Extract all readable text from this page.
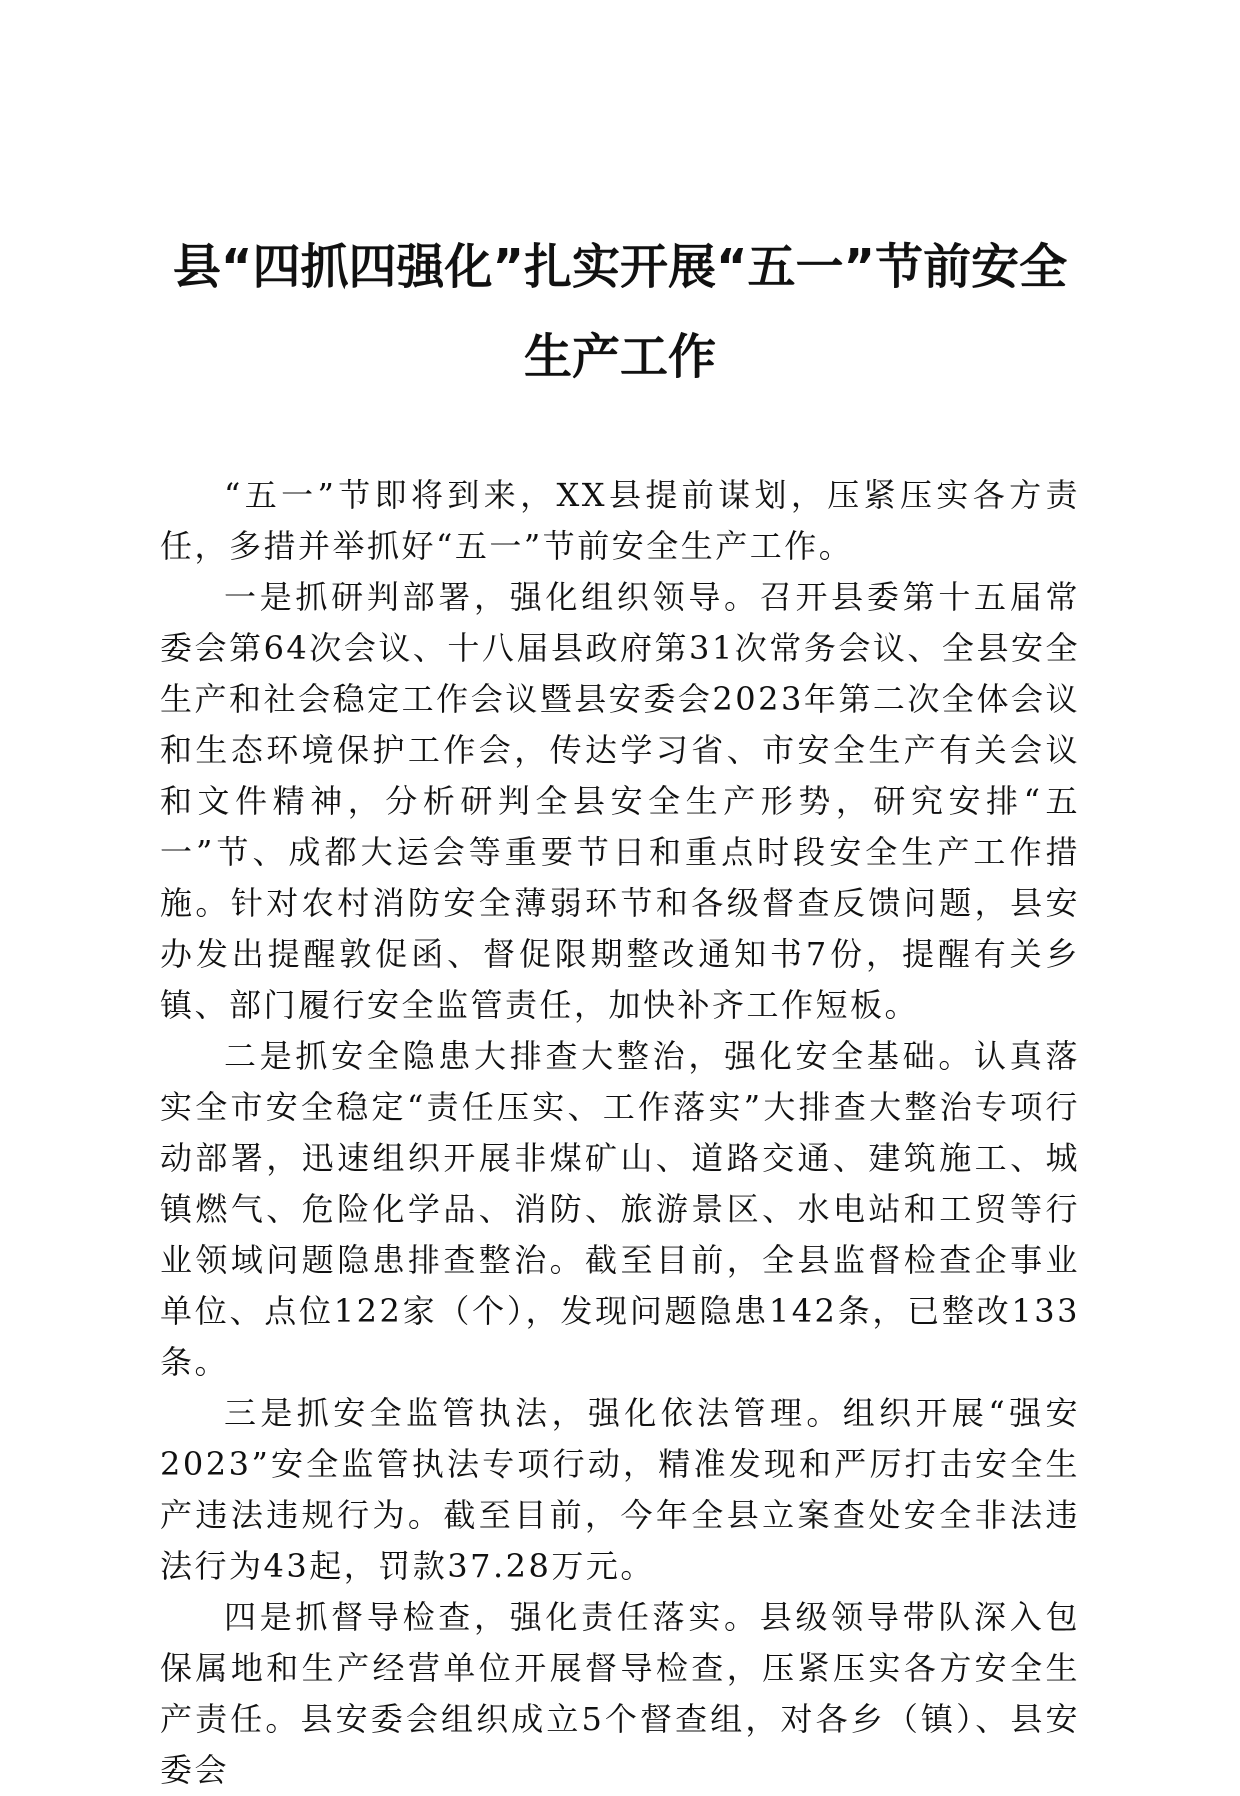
县“四抓四强化”扎实开展“五一”节前安全
生产工作

“五一”节即将到来，XX县提前谋划，压紧压实各方责任，多措并举抓好“五一”节前安全生产工作。

一是抓研判部署，强化组织领导。召开县委第十五届常委会第64次会议、十八届县政府第31次常务会议、全县安全生产和社会稳定工作会议暨县安委会2023年第二次全体会议和生态环境保护工作会，传达学习省、市安全生产有关会议和文件精神，分析研判全县安全生产形势，研究安排“五一”节、成都大运会等重要节日和重点时段安全生产工作措施。针对农村消防安全薄弱环节和各级督查反馈问题，县安办发出提醒敦促函、督促限期整改通知书7份，提醒有关乡镇、部门履行安全监管责任，加快补齐工作短板。

二是抓安全隐患大排查大整治，强化安全基础。认真落实全市安全稳定“责任压实、工作落实”大排查大整治专项行动部署，迅速组织开展非煤矿山、道路交通、建筑施工、城镇燃气、危险化学品、消防、旅游景区、水电站和工贸等行业领域问题隐患排查整治。截至目前，全县监督检查企事业单位、点位122家（个），发现问题隐患142条，已整改133条。

三是抓安全监管执法，强化依法管理。组织开展“强安2023”安全监管执法专项行动，精准发现和严厉打击安全生产违法违规行为。截至目前，今年全县立案查处安全非法违法行为43起，罚款37.28万元。

四是抓督导检查，强化责任落实。县级领导带队深入包保属地和生产经营单位开展督导检查，压紧压实各方安全生产责任。县安委会组织成立5个督查组，对各乡（镇）、县安委会
